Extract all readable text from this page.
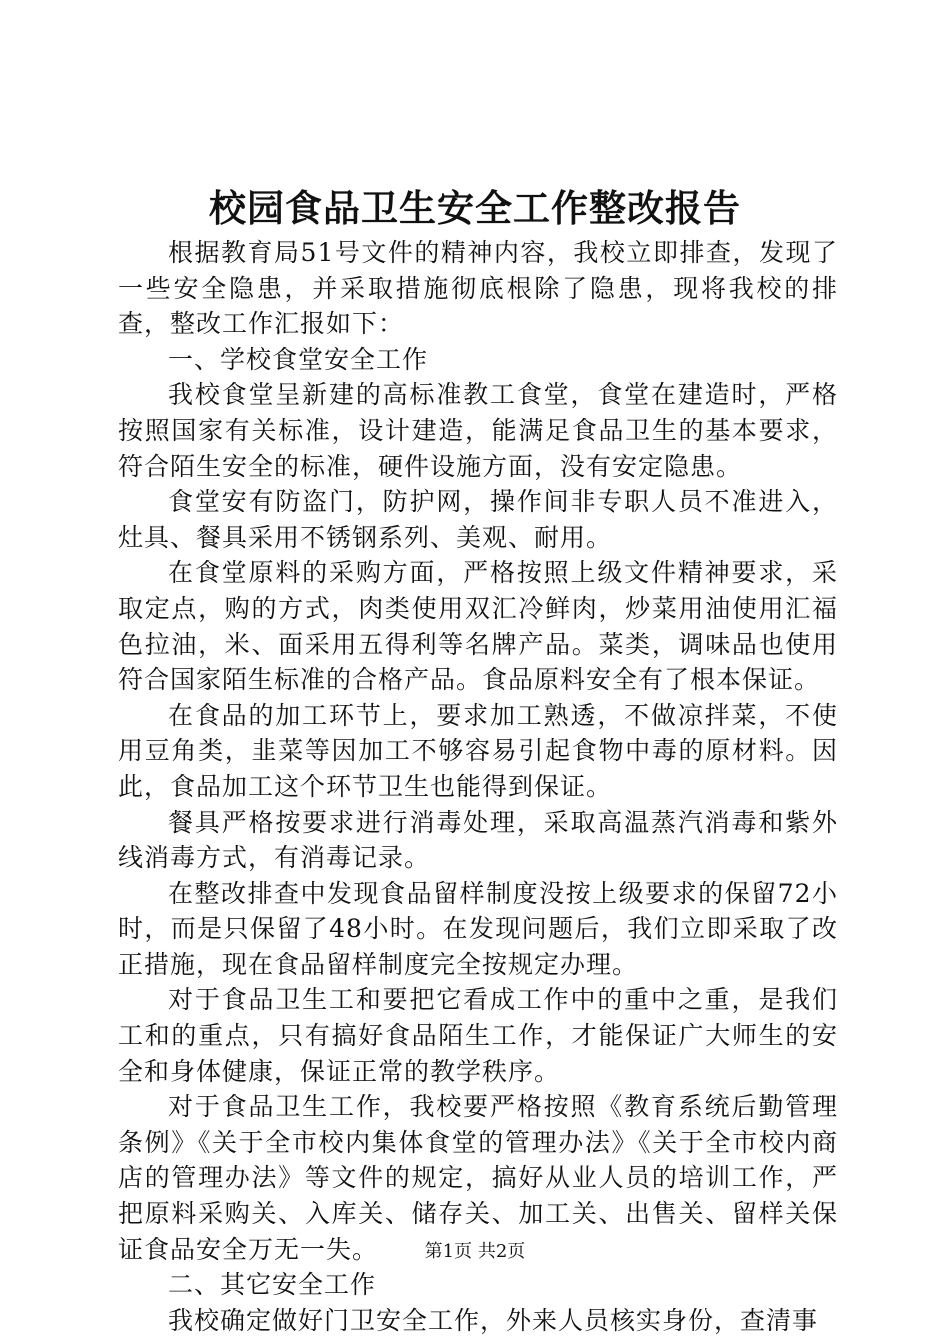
校园食品卫生安全工作整改报告

根据教育局51号文件的精神内容，我校立即排查，发现了一些安全隐患，并采取措施彻底根除了隐患，现将我校的排查，整改工作汇报如下：

一、学校食堂安全工作

我校食堂呈新建的高标准教工食堂，食堂在建造时，严格按照国家有关标准，设计建造，能满足食品卫生的基本要求，符合陌生安全的标准，硬件设施方面，没有安定隐患。

食堂安有防盗门，防护网，操作间非专职人员不准进入，灶具、餐具采用不锈钢系列、美观、耐用。

在食堂原料的采购方面，严格按照上级文件精神要求，采取定点，购的方式，肉类使用双汇冷鲜肉，炒菜用油使用汇福色拉油，米、面采用五得利等名牌产品。菜类，调味品也使用符合国家陌生标准的合格产品。食品原料安全有了根本保证。

在食品的加工环节上，要求加工熟透，不做凉拌菜，不使用豆角类，韭菜等因加工不够容易引起食物中毒的原材料。因此，食品加工这个环节卫生也能得到保证。

餐具严格按要求进行消毒处理，采取高温蒸汽消毒和紫外线消毒方式，有消毒记录。

在整改排查中发现食品留样制度没按上级要求的保留72小时，而是只保留了48小时。在发现问题后，我们立即采取了改正措施，现在食品留样制度完全按规定办理。

对于食品卫生工和要把它看成工作中的重中之重，是我们工和的重点，只有搞好食品陌生工作，才能保证广大师生的安全和身体健康，保证正常的教学秩序。

对于食品卫生工作，我校要严格按照《教育系统后勤管理条例》《关于全市校内集体食堂的管理办法》《关于全市校内商店的管理办法》等文件的规定，搞好从业人员的培训工作，严把原料采购关、入库关、储存关、加工关、出售关、留样关保证食品安全万无一失。

二、其它安全工作

我校确定做好门卫安全工作，外来人员核实身份，查清事

第1页 共2页
